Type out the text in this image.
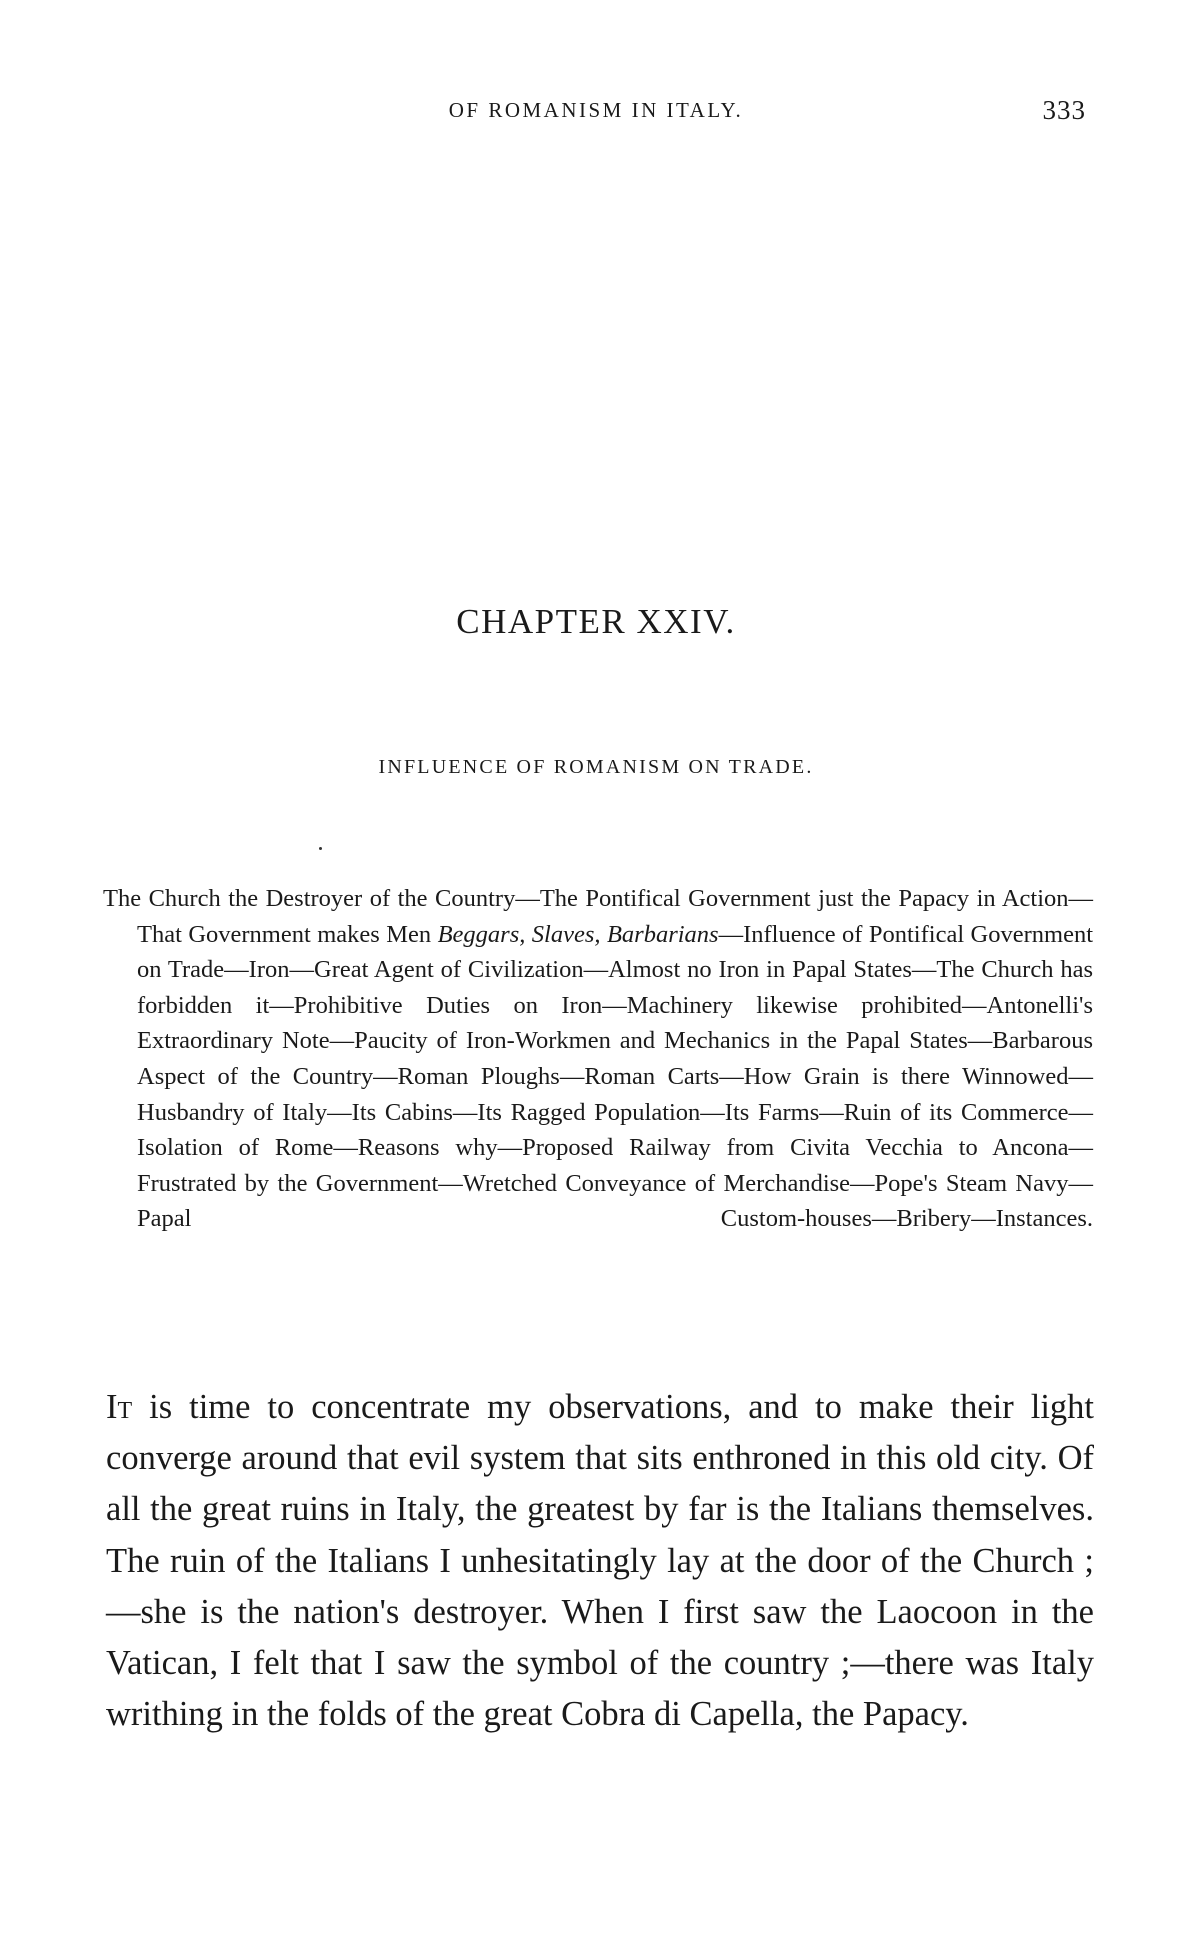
OF ROMANISM IN ITALY.	333
CHAPTER XXIV.
INFLUENCE OF ROMANISM ON TRADE.

The Church the Destroyer of the Country—The Pontifical Government just the Papacy in Action—That Government makes Men Beggars, Slaves, Barbarians—Influence of Pontifical Government on Trade—Iron—Great Agent of Civilization—Almost no Iron in Papal States—The Church has forbidden it—Prohibitive Duties on Iron—Machinery likewise prohibited—Antonelli's Extraordinary Note—Paucity of Iron-Workmen and Mechanics in the Papal States—Barbarous Aspect of the Country—Roman Ploughs—Roman Carts—How Grain is there Winnowed—Husbandry of Italy—Its Cabins—Its Ragged Population—Its Farms—Ruin of its Commerce—Isolation of Rome—Reasons why—Proposed Railway from Civita Vecchia to Ancona—Frustrated by the Government—Wretched Conveyance of Merchandise—Pope's Steam Navy—Papal Custom-houses—Bribery—Instances.

It is time to concentrate my observations, and to make their light converge around that evil system that sits enthroned in this old city. Of all the great ruins in Italy, the greatest by far is the Italians themselves. The ruin of the Italians I unhesitatingly lay at the door of the Church ;—she is the nation's destroyer. When I first saw the Laocoon in the Vatican, I felt that I saw the symbol of the country ;—there was Italy writhing in the folds of the great Cobra di Capella, the Papacy.
